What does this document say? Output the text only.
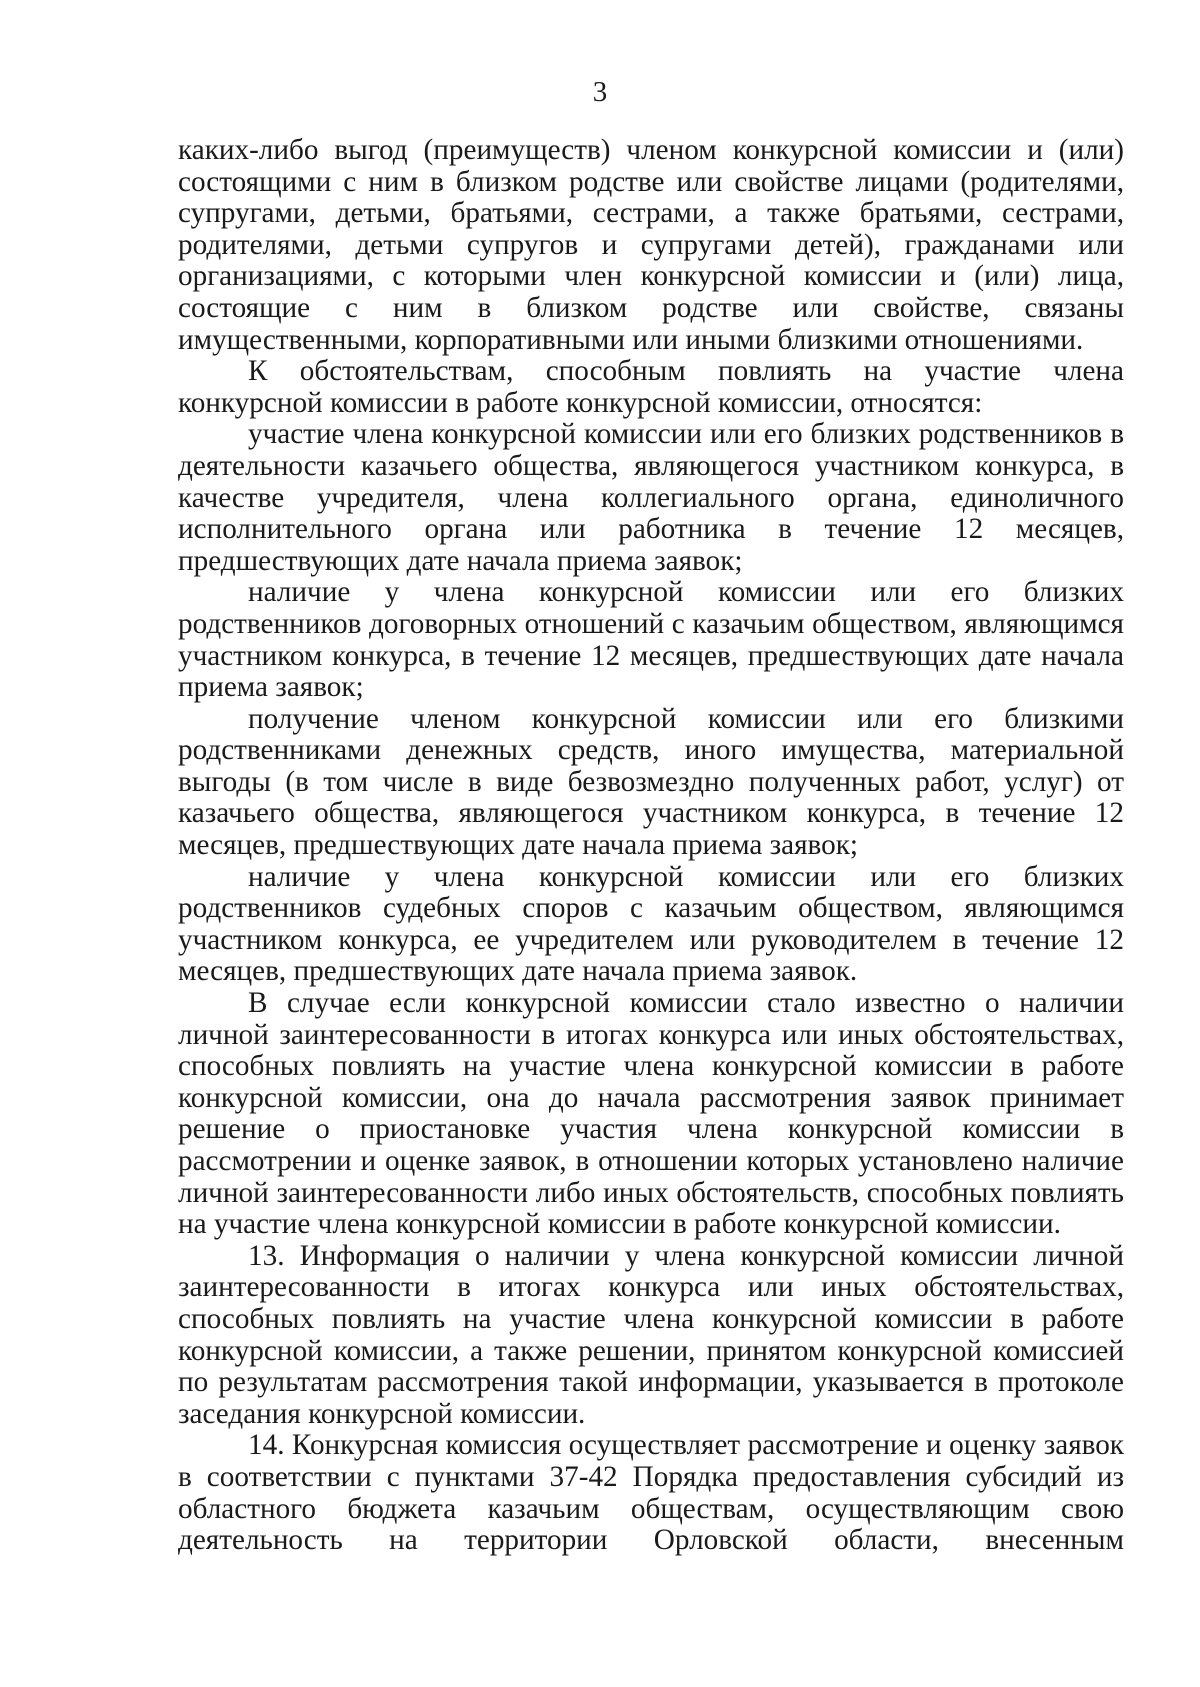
3

каких-либо выгод (преимуществ) членом конкурсной комиссии и (или) состоящими с ним в близком родстве или свойстве лицами (родителями, супругами, детьми, братьями, сестрами, а также братьями, сестрами, родителями, детьми супругов и супругами детей), гражданами или организациями, с которыми член конкурсной комиссии и (или) лица, состоящие с ним в близком родстве или свойстве, связаны имущественными, корпоративными или иными близкими отношениями.

К обстоятельствам, способным повлиять на участие члена конкурсной комиссии в работе конкурсной комиссии, относятся:

участие члена конкурсной комиссии или его близких родственников в деятельности казачьего общества, являющегося участником конкурса, в качестве учредителя, члена коллегиального органа, единоличного исполнительного органа или работника в течение 12 месяцев, предшествующих дате начала приема заявок;

наличие у члена конкурсной комиссии или его близких родственников договорных отношений с казачьим обществом, являющимся участником конкурса, в течение 12 месяцев, предшествующих дате начала приема заявок;

получение членом конкурсной комиссии или его близкими родственниками денежных средств, иного имущества, материальной выгоды (в том числе в виде безвозмездно полученных работ, услуг) от казачьего общества, являющегося участником конкурса, в течение 12 месяцев, предшествующих дате начала приема заявок;

наличие у члена конкурсной комиссии или его близких родственников судебных споров с казачьим обществом, являющимся участником конкурса, ее учредителем или руководителем в течение 12 месяцев, предшествующих дате начала приема заявок.

В случае если конкурсной комиссии стало известно о наличии личной заинтересованности в итогах конкурса или иных обстоятельствах, способных повлиять на участие члена конкурсной комиссии в работе конкурсной комиссии, она до начала рассмотрения заявок принимает решение о приостановке участия члена конкурсной комиссии в рассмотрении и оценке заявок, в отношении которых установлено наличие личной заинтересованности либо иных обстоятельств, способных повлиять на участие члена конкурсной комиссии в работе конкурсной комиссии.

13. Информация о наличии у члена конкурсной комиссии личной заинтересованности в итогах конкурса или иных обстоятельствах, способных повлиять на участие члена конкурсной комиссии в работе конкурсной комиссии, а также решении, принятом конкурсной комиссией по результатам рассмотрения такой информации, указывается в протоколе заседания конкурсной комиссии.

14. Конкурсная комиссия осуществляет рассмотрение и оценку заявок в соответствии с пунктами 37-42 Порядка предоставления субсидий из областного бюджета казачьим обществам, осуществляющим свою деятельность на территории Орловской области, внесенным
